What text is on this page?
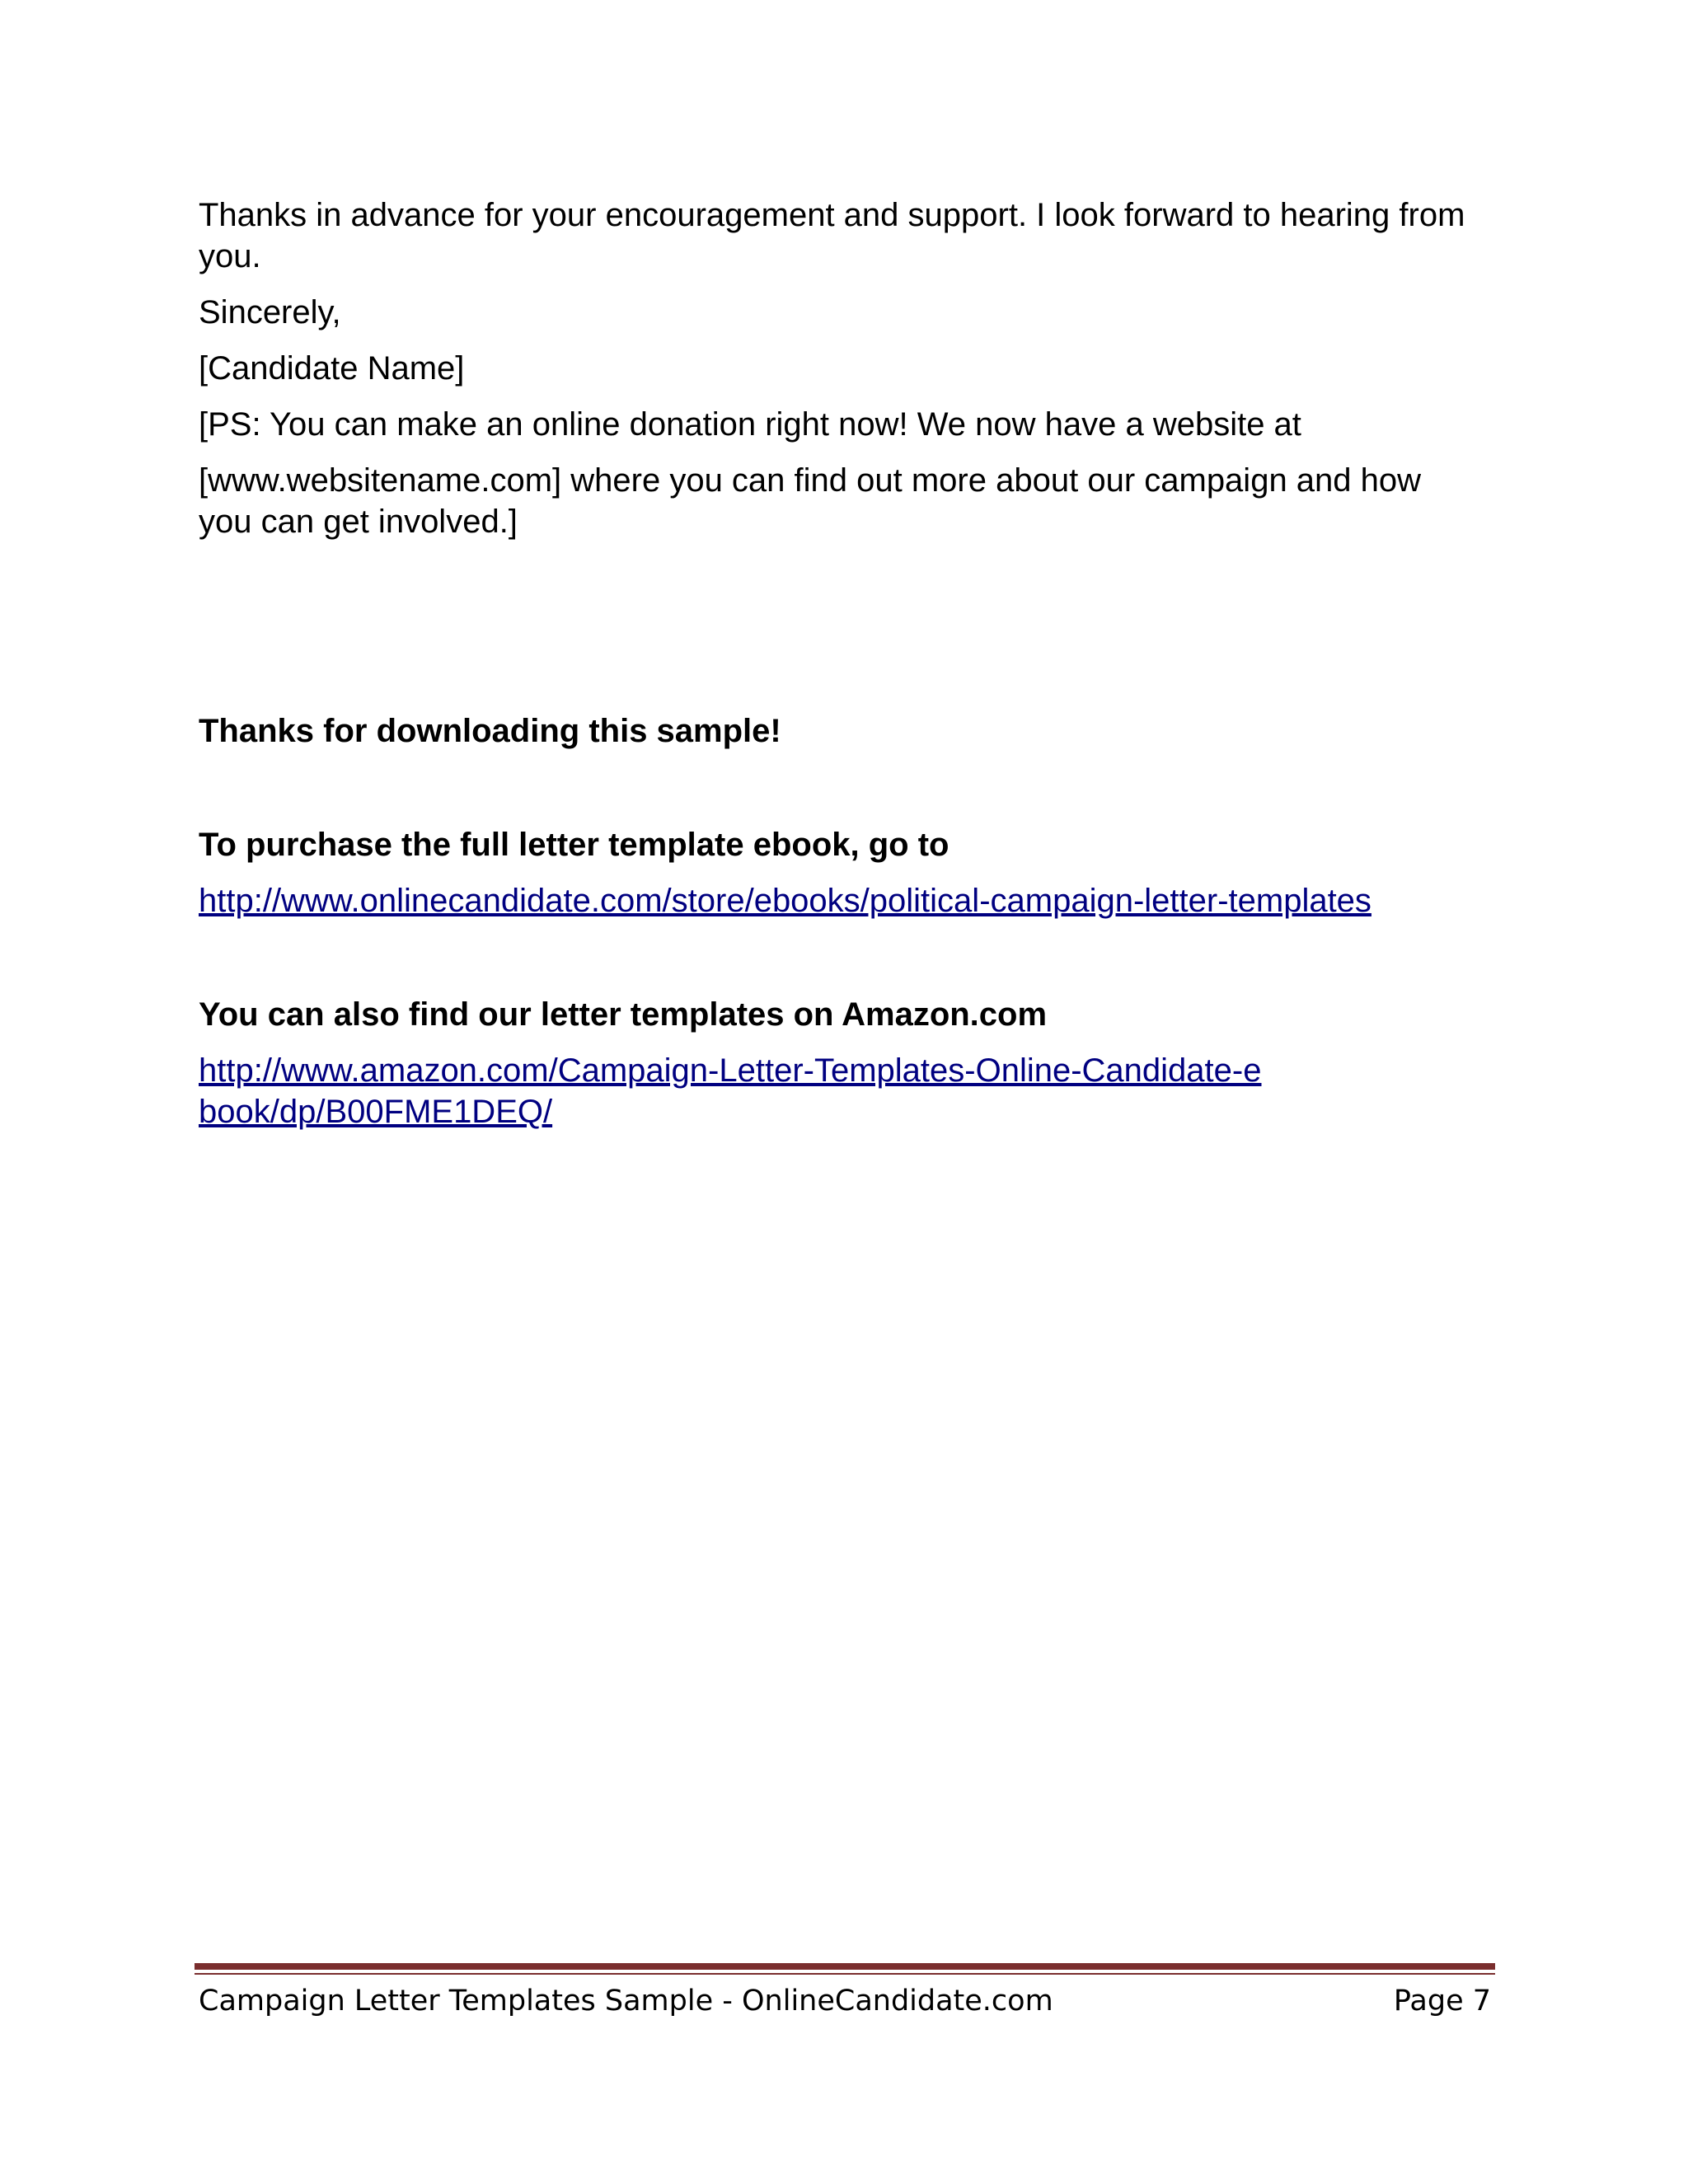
Thanks in advance for your encouragement and support. I look forward to hearing from you.

Sincerely,

[Candidate Name]

[PS: You can make an online donation right now! We now have a website at

[www.websitename.com] where you can find out more about our campaign and how you can get involved.]

Thanks for downloading this sample!

To purchase the full letter template ebook, go to

http://www.onlinecandidate.com/store/ebooks/political-campaign-letter-templates

You can also find our letter templates on Amazon.com

http://www.amazon.com/Campaign-Letter-Templates-Online-Candidate-ebook/dp/B00FME1DEQ/
Campaign Letter Templates Sample - OnlineCandidate.com	Page 7
